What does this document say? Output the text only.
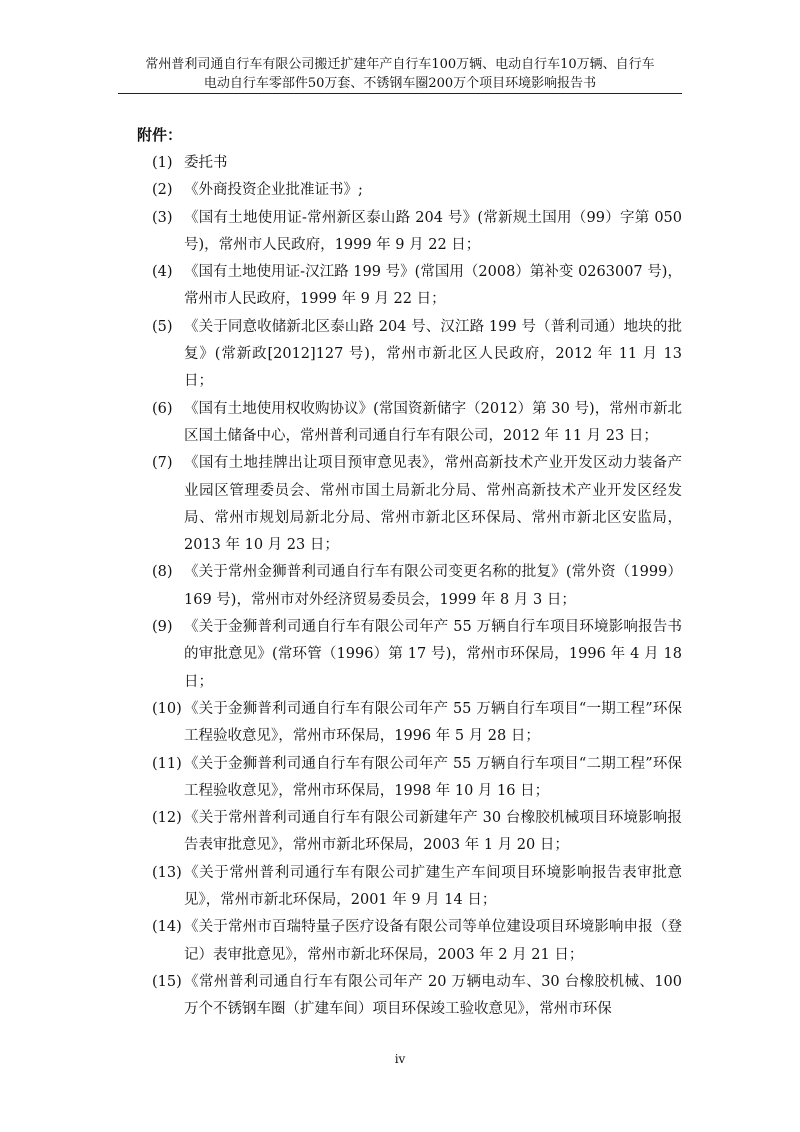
常州普利司通自行车有限公司搬迁扩建年产自行车100万辆、电动自行车10万辆、自行车
电动自行车零部件50万套、不锈钢车圈200万个项目环境影响报告书
附件：
(1) 委托书
(2) 《外商投资企业批准证书》;
(3) 《国有土地使用证-常州新区泰山路 204 号》(常新规土国用（99）字第 050 号)，常州市人民政府，1999 年 9 月 22 日；
(4) 《国有土地使用证-汉江路 199 号》(常国用（2008）第补变 0263007 号)，常州市人民政府，1999 年 9 月 22 日；
(5) 《关于同意收储新北区泰山路 204 号、汉江路 199 号（普利司通）地块的批复》(常新政[2012]127 号)，常州市新北区人民政府，2012 年 11 月 13 日；
(6) 《国有土地使用权收购协议》(常国资新储字（2012）第 30 号)，常州市新北区国土储备中心，常州普利司通自行车有限公司，2012 年 11 月 23 日；
(7) 《国有土地挂牌出让项目预审意见表》，常州高新技术产业开发区动力装备产业园区管理委员会、常州市国土局新北分局、常州高新技术产业开发区经发局、常州市规划局新北分局、常州市新北区环保局、常州市新北区安监局，2013 年 10 月 23 日；
(8) 《关于常州金狮普利司通自行车有限公司变更名称的批复》(常外资（1999）169 号)，常州市对外经济贸易委员会，1999 年 8 月 3 日；
(9) 《关于金狮普利司通自行车有限公司年产 55 万辆自行车项目环境影响报告书的审批意见》(常环管（1996）第 17 号)，常州市环保局，1996 年 4 月 18 日；
(10) 《关于金狮普利司通自行车有限公司年产 55 万辆自行车项目“一期工程”环保工程验收意见》，常州市环保局，1996 年 5 月 28 日；
(11) 《关于金狮普利司通自行车有限公司年产 55 万辆自行车项目“二期工程”环保工程验收意见》，常州市环保局，1998 年 10 月 16 日；
(12) 《关于常州普利司通自行车有限公司新建年产 30 台橡胶机械项目环境影响报告表审批意见》，常州市新北环保局，2003 年 1 月 20 日；
(13) 《关于常州普利司通行车有限公司扩建生产车间项目环境影响报告表审批意见》，常州市新北环保局，2001 年 9 月 14 日；
(14) 《关于常州市百瑞特量子医疗设备有限公司等单位建设项目环境影响申报（登记）表审批意见》，常州市新北环保局，2003 年 2 月 21 日；
(15) 《常州普利司通自行车有限公司年产 20 万辆电动车、30 台橡胶机械、100 万个不锈钢车圈（扩建车间）项目环保竣工验收意见》，常州市环保
iv
